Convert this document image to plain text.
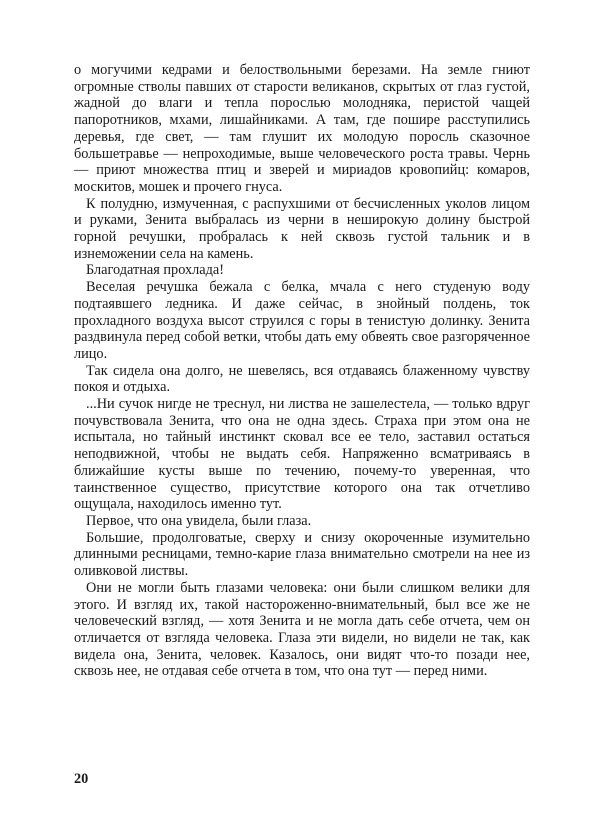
о могучими кедрами и белоствольными березами. На земле гниют огромные стволы павших от старости великанов, скрытых от глаз густой, жадной до влаги и тепла порослью молодняка, перистой чащей папоротников, мхами, лишайниками. А там, где пошире расступились деревья, где свет, — там глушит их молодую поросль сказочное большетравье — непроходимые, выше человеческого роста травы. Чернь — приют множества птиц и зверей и мириадов кровопийц: комаров, москитов, мошек и прочего гнуса.

К полудню, измученная, с распухшими от бесчисленных уколов лицом и руками, Зенита выбралась из черни в неширокую долину быстрой горной речушки, пробралась к ней сквозь густой тальник и в изнеможении села на камень.

Благодатная прохлада!

Веселая речушка бежала с белка, мчала с него студеную воду подтаявшего ледника. И даже сейчас, в знойный полдень, ток прохладного воздуха высот струился с горы в тенистую долинку. Зенита раздвинула перед собой ветки, чтобы дать ему обвеять свое разгоряченное лицо.

Так сидела она долго, не шевелясь, вся отдаваясь блаженному чувству покоя и отдыха.

...Ни сучок нигде не треснул, ни листва не зашелестела, — только вдруг почувствовала Зенита, что она не одна здесь. Страха при этом она не испытала, но тайный инстинкт сковал все ее тело, заставил остаться неподвижной, чтобы не выдать себя. Напряженно всматриваясь в ближайшие кусты выше по течению, почему-то уверенная, что таинственное существо, присутствие которого она так отчетливо ощущала, находилось именно тут.

Первое, что она увидела, были глаза.

Большие, продолговатые, сверху и снизу окороченные изумительно длинными ресницами, темно-карие глаза внимательно смотрели на нее из оливковой листвы.

Они не могли быть глазами человека: они были слишком велики для этого. И взгляд их, такой настороженно-внимательный, был все же не человеческий взгляд, — хотя Зенита и не могла дать себе отчета, чем он отличается от взгляда человека. Глаза эти видели, но видели не так, как видела она, Зенита, человек. Казалось, они видят что-то позади нее, сквозь нее, не отдавая себе отчета в том, что она тут — перед ними.

20
